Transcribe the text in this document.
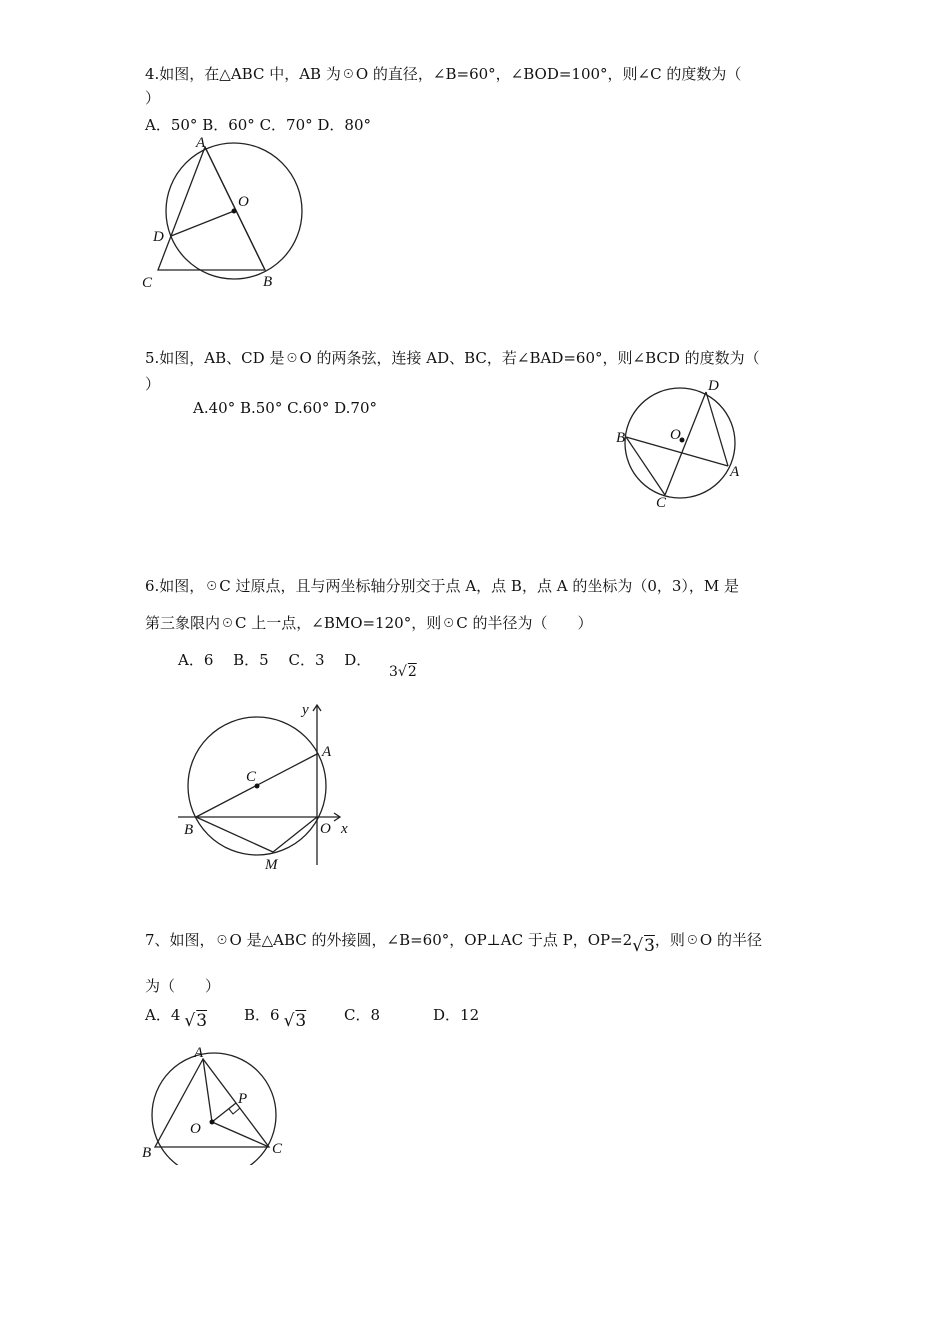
4.如图，在△ABC 中，AB 为☉O 的直径，∠B=60°，∠BOD=100°，则∠C 的度数为（
）
A．50° B．60° C．70° D．80°
A
O
D
C	B
5.如图，AB、CD 是☉O 的两条弦，连接 AD、BC，若∠BAD=60°，则∠BCD 的度数为（
）
A.40° B.50° C.60° D.70°
D
O
B
A
C
6.如图，☉C 过原点，且与两坐标轴分别交于点 A，点 B，点 A 的坐标为（0，3），M 是
第三象限内☉C 上一点，∠BMO=120°，则☉C 的半径为（　　）
A．6　 B．5　 C．3　 D．
3√2
y
A
C
B	O x
M
7、如图，☉O 是△ABC 的外接圆，∠B=60°，OP⊥AC 于点 P，OP=2√3，则☉O 的半径
为（　　）
A．4 √3 B．6 √3	C．8	D．12
A
P
O
B	C
